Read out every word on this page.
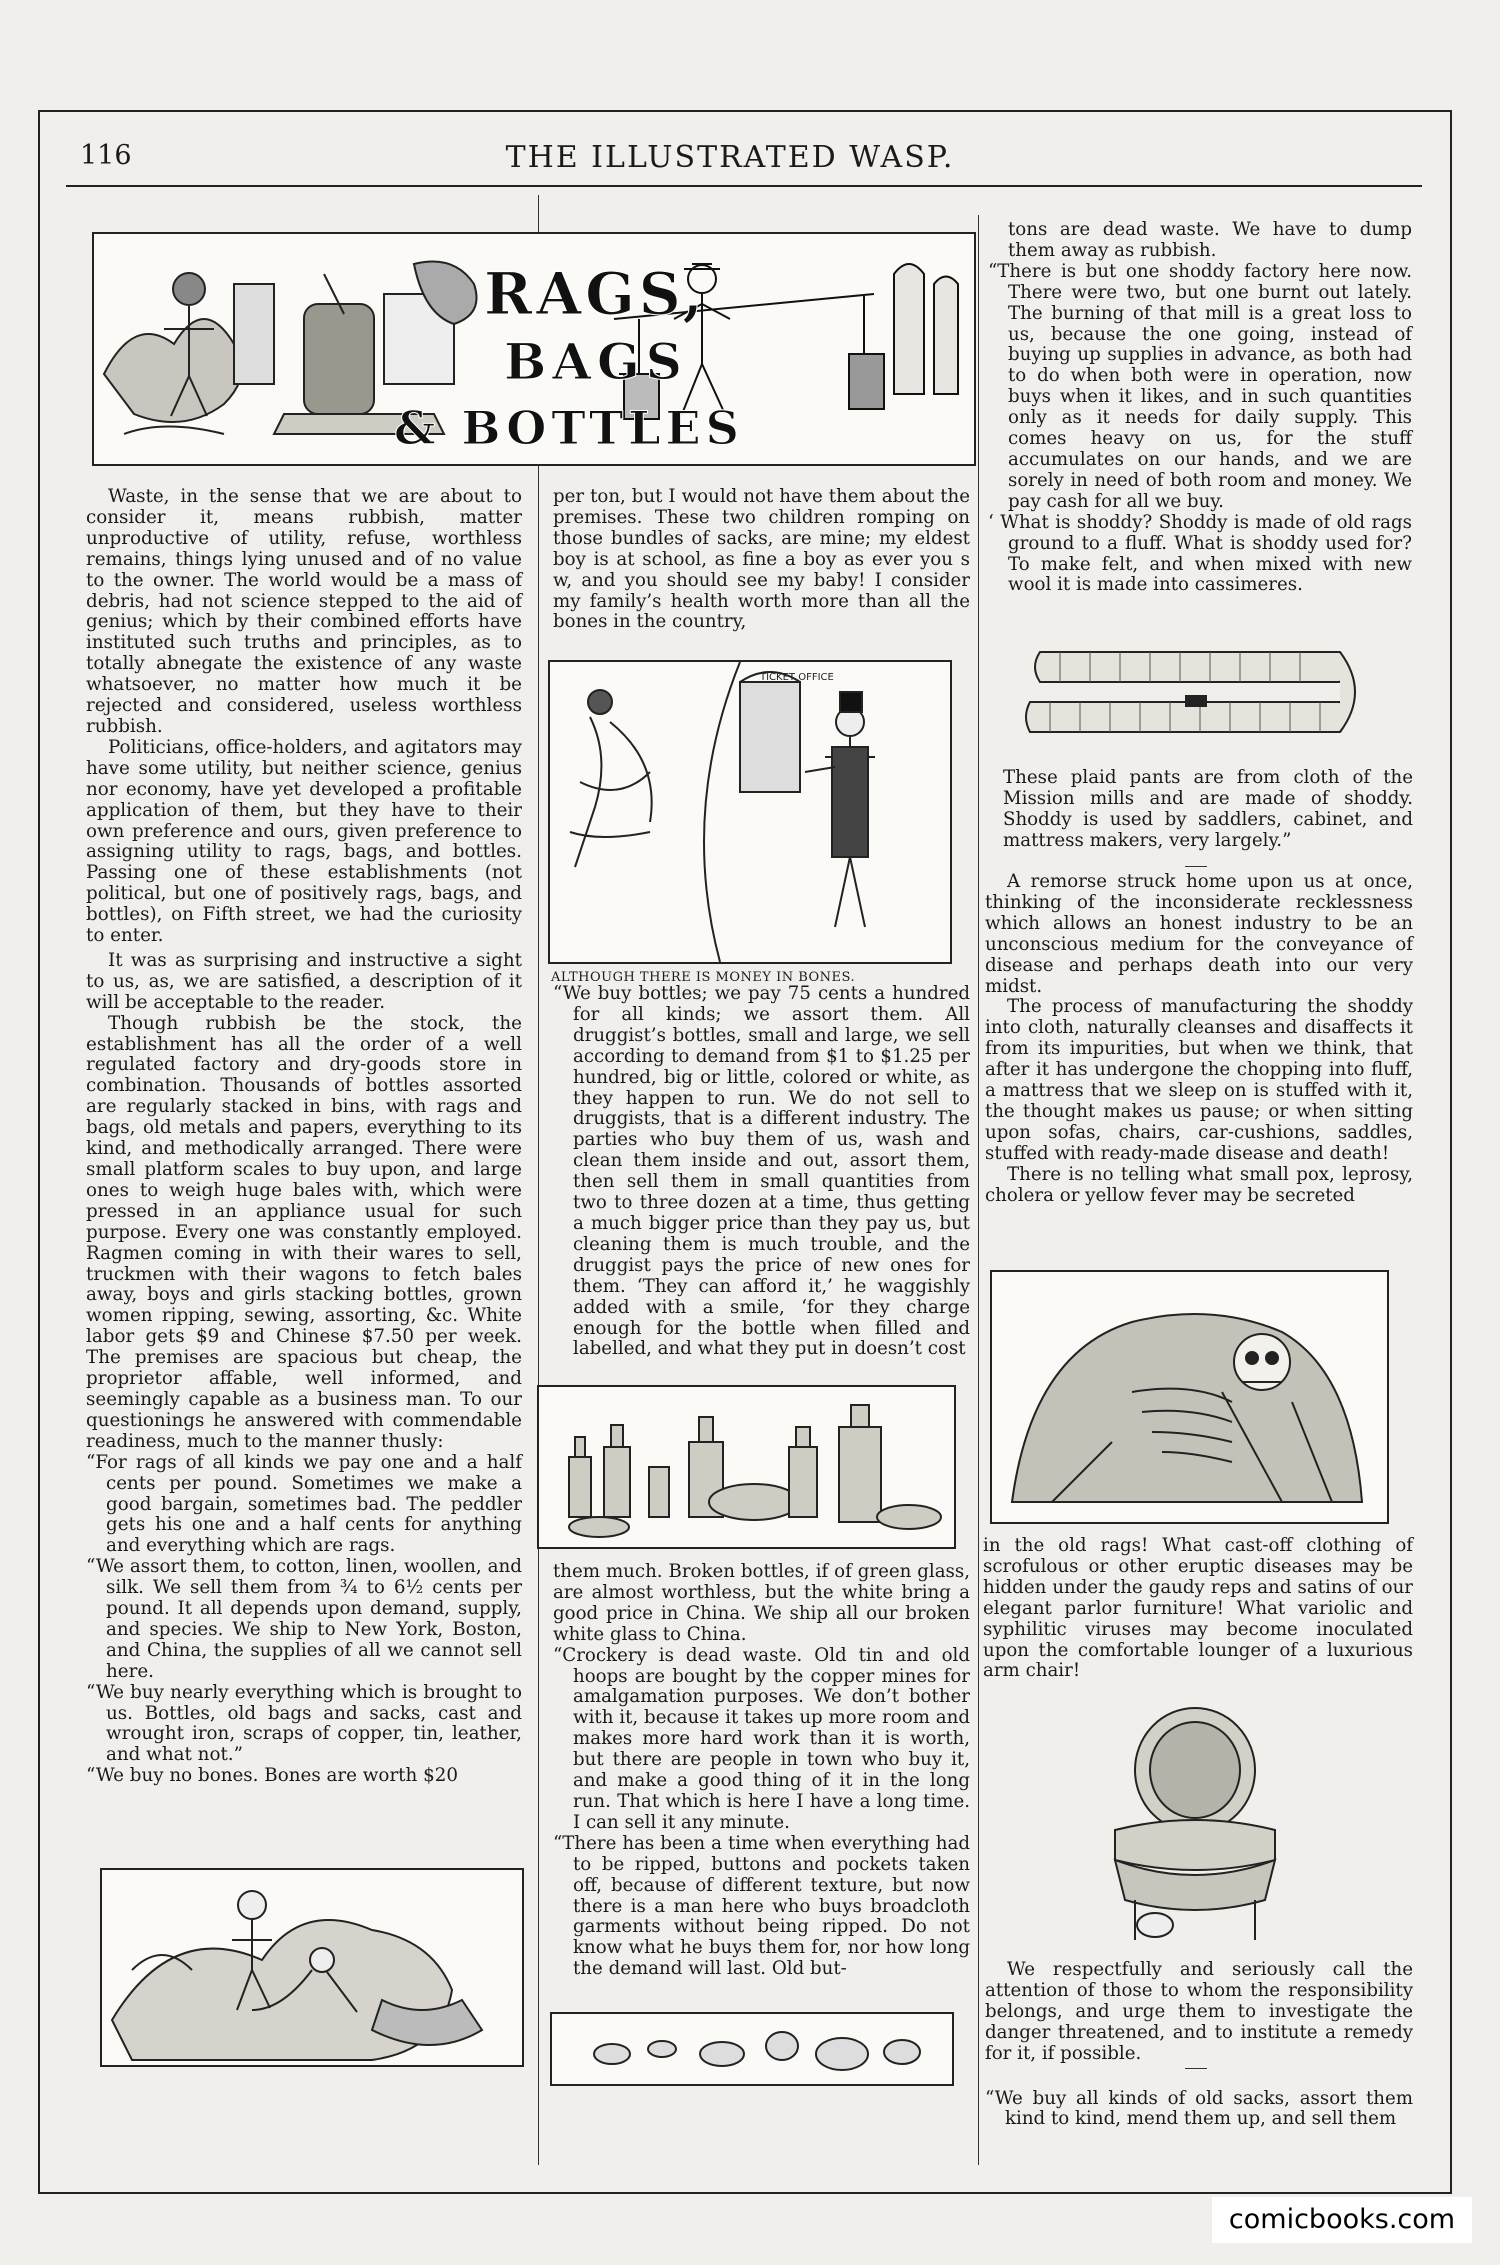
116	THE ILLUSTRATED WASP.
RAGS,
BAGS
& BOTTLES

Waste, in the sense that we are about to consider it, means rubbish, matter unproductive of utility, refuse, worthless remains, things lying unused and of no value to the owner. The world would be a mass of debris, had not science stepped to the aid of genius; which by their combined efforts have instituted such truths and principles, as to totally abnegate the existence of any waste whatsoever, no matter how much it be rejected and considered, useless worthless rubbish.

Politicians, office-holders, and agitators may have some utility, but neither science, genius nor economy, have yet developed a profitable application of them, but they have to their own preference and ours, given preference to assigning utility to rags, bags, and bottles. Passing one of these establishments (not political, but one of positively rags, bags, and bottles), on Fifth street, we had the curiosity to enter.

It was as surprising and instructive a sight to us, as, we are satisfied, a description of it will be acceptable to the reader.

Though rubbish be the stock, the establishment has all the order of a well regulated factory and dry-goods store in combination. Thousands of bottles assorted are regularly stacked in bins, with rags and bags, old metals and papers, everything to its kind, and methodically arranged. There were small platform scales to buy upon, and large ones to weigh huge bales with, which were pressed in an appliance usual for such purpose. Every one was constantly employed. Ragmen coming in with their wares to sell, truckmen with their wagons to fetch bales away, boys and girls stacking bottles, grown women ripping, sewing, assorting, &c. White labor gets $9 and Chinese $7.50 per week. The premises are spacious but cheap, the proprietor affable, well informed, and seemingly capable as a business man. To our questionings he answered with commendable readiness, much to the manner thusly:

“For rags of all kinds we pay one and a half cents per pound. Sometimes we make a good bargain, sometimes bad. The peddler gets his one and a half cents for anything and everything which are rags.

“We assort them, to cotton, linen, woollen, and silk. We sell them from ¾ to 6½ cents per pound. It all depends upon demand, supply, and species. We ship to New York, Boston, and China, the supplies of all we cannot sell here.

“We buy nearly everything which is brought to us. Bottles, old bags and sacks, cast and wrought iron, scraps of copper, tin, leather, and what not.”

“We buy no bones. Bones are worth $20

per ton, but I would not have them about the premises. These two children romping on those bundles of sacks, are mine; my eldest boy is at school, as fine a boy as ever you s w, and you should see my baby! I consider my family’s health worth more than all the bones in the country,

TICKET OFFICE
ALTHOUGH THERE IS MONEY IN BONES.

“We buy bottles; we pay 75 cents a hundred for all kinds; we assort them. All druggist’s bottles, small and large, we sell according to demand from $1 to $1.25 per hundred, big or little, colored or white, as they happen to run. We do not sell to druggists, that is a different industry. The parties who buy them of us, wash and clean them inside and out, assort them, then sell them in small quantities from two to three dozen at a time, thus getting a much bigger price than they pay us, but cleaning them is much trouble, and the druggist pays the price of new ones for them. ‘They can afford it,’ he waggishly added with a smile, ‘for they charge enough for the bottle when filled and labelled, and what they put in doesn’t cost

them much. Broken bottles, if of green glass, are almost worthless, but the white bring a good price in China. We ship all our broken white glass to China.

“Crockery is dead waste. Old tin and old hoops are bought by the copper mines for amalgamation purposes. We don’t bother with it, because it takes up more room and makes more hard work than it is worth, but there are people in town who buy it, and make a good thing of it in the long run. That which is here I have a long time. I can sell it any minute.

“There has been a time when everything had to be ripped, buttons and pockets taken off, because of different texture, but now there is a man here who buys broadcloth garments without being ripped. Do not know what he buys them for, nor how long the demand will last. Old but-

tons are dead waste. We have to dump them away as rubbish.

“There is but one shoddy factory here now. There were two, but one burnt out lately. The burning of that mill is a great loss to us, because the one going, instead of buying up supplies in advance, as both had to do when both were in operation, now buys when it likes, and in such quantities only as it needs for daily supply. This comes heavy on us, for the stuff accumulates on our hands, and we are sorely in need of both room and money. We pay cash for all we buy.

‘ What is shoddy? Shoddy is made of old rags ground to a fluff. What is shoddy used for? To make felt, and when mixed with new wool it is made into cassimeres.

These plaid pants are from cloth of the Mission mills and are made of shoddy. Shoddy is used by saddlers, cabinet, and mattress makers, very largely.”

A remorse struck home upon us at once, thinking of the inconsiderate recklessness which allows an honest industry to be an unconscious medium for the conveyance of disease and perhaps death into our very midst.

The process of manufacturing the shoddy into cloth, naturally cleanses and disaffects it from its impurities, but when we think, that after it has undergone the chopping into fluff, a mattress that we sleep on is stuffed with it, the thought makes us pause; or when sitting upon sofas, chairs, car-cushions, saddles, stuffed with ready-made disease and death!

There is no telling what small pox, leprosy, cholera or yellow fever may be secreted

in the old rags! What cast-off clothing of scrofulous or other eruptic diseases may be hidden under the gaudy reps and satins of our elegant parlor furniture! What variolic and syphilitic viruses may become inoculated upon the comfortable lounger of a luxurious arm chair!

We respectfully and seriously call the attention of those to whom the responsibility belongs, and urge them to investigate the danger threatened, and to institute a remedy for it, if possible.

“We buy all kinds of old sacks, assort them kind to kind, mend them up, and sell them

comicbooks.com
